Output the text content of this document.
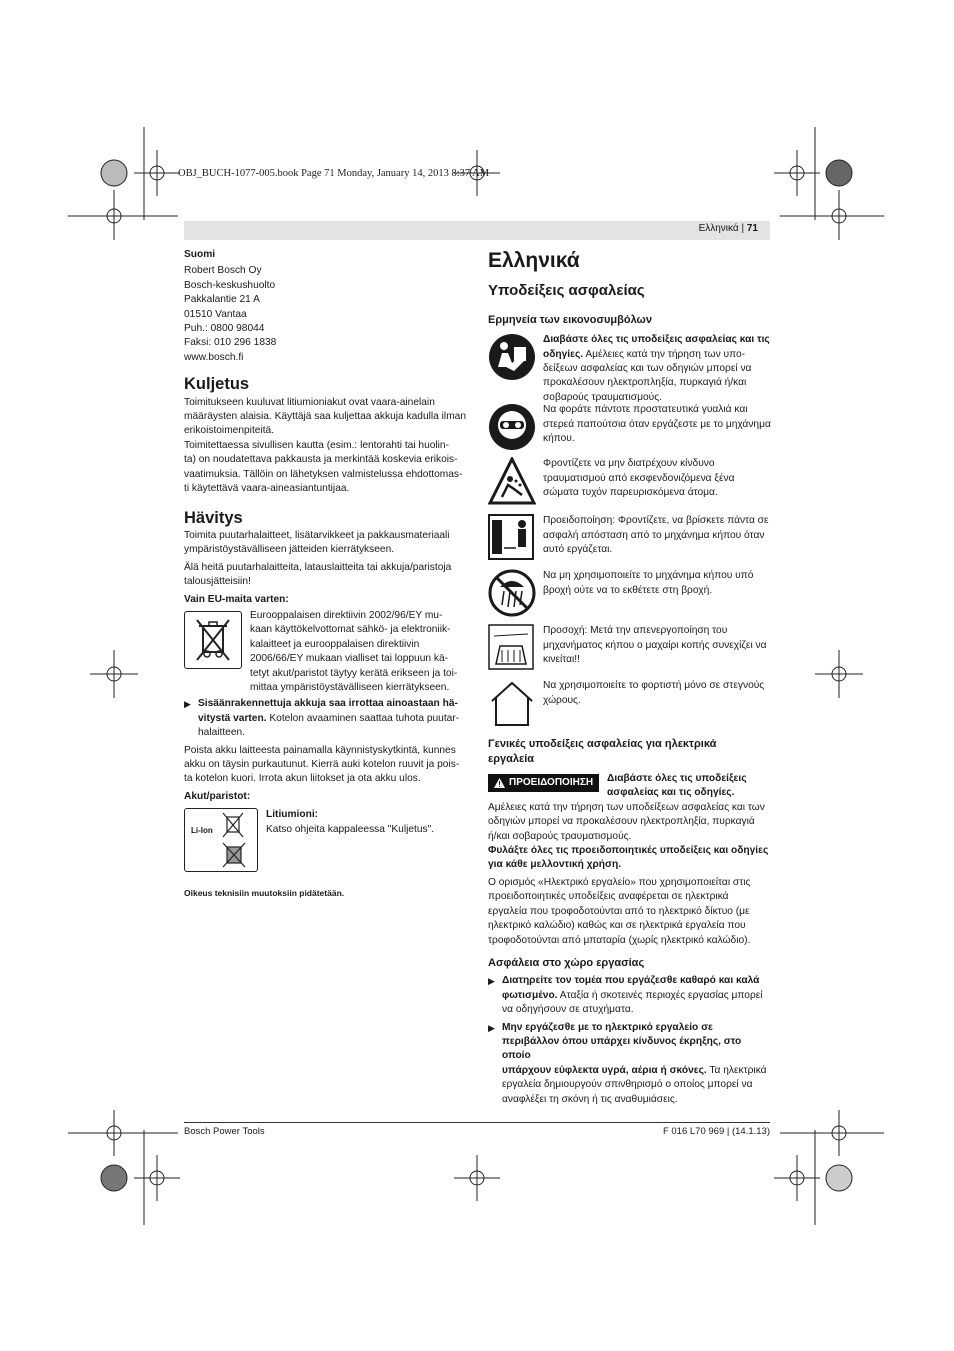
OBJ_BUCH-1077-005.book Page 71 Monday, January 14, 2013 8:37 AM
Ελληνικά | 71

Suomi

Robert Bosch Oy

Bosch-keskushuolto

Pakkalantie 21 A

01510 Vantaa

Puh.: 0800 98044

Faksi: 010 296 1838

www.bosch.fi

Kuljetus

Toimitukseen kuuluvat litiumioniakut ovat vaara-ainelain

määräysten alaisia. Käyttäjä saa kuljettaa akkuja kadulla ilman

erikoistoimenpiteitä.

Toimitettaessa sivullisen kautta (esim.: lentorahti tai huolin-

ta) on noudatettava pakkausta ja merkintää koskevia erikois-

vaatimuksia. Tällöin on lähetyksen valmistelussa ehdottomas-

ti käytettävä vaara-aineasiantuntijaa.

Hävitys

Toimita puutarhalaitteet, lisätarvikkeet ja pakkausmateriaali

ympäristöystävälliseen jätteiden kierrätykseen.

Älä heitä puutarhalaitteita, latauslaitteita tai akkuja/paristoja

talousjätteisiin!

Vain EU-maita varten:

Eurooppalaisen direktiivin 2002/96/EY mu-

kaan käyttökelvottomat sähkö- ja elektroniik-

kalaitteet ja eurooppalaisen direktiivin

2006/66/EY mukaan vialliset tai loppuun kä-

tetyt akut/paristot täytyy kerätä erikseen ja toi-

mittaa ympäristöystävälliseen kierrätykseen.

▶ Sisäänrakennettuja akkuja saa irrottaa ainoastaan hä-

vitystä varten. Kotelon avaaminen saattaa tuhota puutar-

halaitteen.

Poista akku laitteesta painamalla käynnistyskytkintä, kunnes

akku on täysin purkautunut. Kierrä auki kotelon ruuvit ja pois-

ta kotelon kuori. Irrota akun liitokset ja ota akku ulos.

Akut/paristot:

Li-Ion

Litiumioni:

Katso ohjeita kappaleessa "Kuljetus".

Oikeus teknisiin muutoksiin pidätetään.

Ελληνικά
Υποδείξεις ασφαλείας
Ερμηνεία των εικονοσυμβόλων

Διαβάστε όλες τις υποδείξεις ασφαλείας και τις

οδηγίες. Αμέλειες κατά την τήρηση των υπο-

δείξεων ασφαλείας και των οδηγιών μπορεί να

προκαλέσουν ηλεκτροπληξία, πυρκαγιά ή/και

σοβαρούς τραυματισμούς.

Να φοράτε πάντοτε προστατευτικά γυαλιά και

στερεά παπούτσια όταν εργάζεστε με το μηχάνημα

κήπου.

Φροντίζετε να μην διατρέχουν κίνδυνο

τραυματισμού από εκσφενδονιζόμενα ξένα

σώματα τυχόν παρευρισκόμενα άτομα.

Προειδοποίηση: Φροντίζετε, να βρίσκετε πάντα σε

ασφαλή απόσταση από το μηχάνημα κήπου όταν

αυτό εργάζεται.

Να μη χρησιμοποιείτε το μηχάνημα κήπου υπό

βροχή ούτε να το εκθέτετε στη βροχή.

Προσοχή: Μετά την απενεργοποίηση του

μηχανήματος κήπου ο μαχαίρι κοπής συνεχίζει να

κινείται!!

Να χρησιμοποιείτε το φορτιστή μόνο σε στεγνούς

χώρους.

Γενικές υποδείξεις ασφαλείας για ηλεκτρικά

εργαλεία

ΠΡΟΕΙΔΟΠΟΙΗΣΗ Διαβάστε όλες τις υποδείξεις

ασφαλείας και τις οδηγίες.

Αμέλειες κατά την τήρηση των υποδείξεων ασφαλείας και των

οδηγιών μπορεί να προκαλέσουν ηλεκτροπληξία, πυρκαγιά

ή/και σοβαρούς τραυματισμούς.

Φυλάξτε όλες τις προειδοποιητικές υποδείξεις και οδηγίες

για κάθε μελλοντική χρήση.

Ο ορισμός «Ηλεκτρικό εργαλείο» που χρησιμοποιείται στις

προειδοποιητικές υποδείξεις αναφέρεται σε ηλεκτρικά

εργαλεία που τροφοδοτούνται από το ηλεκτρικό δίκτυο (με

ηλεκτρικό καλώδιο) καθώς και σε ηλεκτρικά εργαλεία που

τροφοδοτούνται από μπαταρία (χωρίς ηλεκτρικό καλώδιο).

Ασφάλεια στο χώρο εργασίας
▶ Διατηρείτε τον τομέα που εργάζεσθε καθαρό και καλά

φωτισμένο. Αταξία ή σκοτεινές περιοχές εργασίας μπορεί

να οδηγήσουν σε ατυχήματα.

▶ Μην εργάζεσθε με το ηλεκτρικό εργαλείο σε

περιβάλλον όπου υπάρχει κίνδυνος έκρηξης, στο οποίο

υπάρχουν εύφλεκτα υγρά, αέρια ή σκόνες. Τα ηλεκτρικά

εργαλεία δημιουργούν σπινθηρισμό ο οποίος μπορεί να

αναφλέξει τη σκόνη ή τις αναθυμιάσεις.

Bosch Power Tools	F 016 L70 969 | (14.1.13)
